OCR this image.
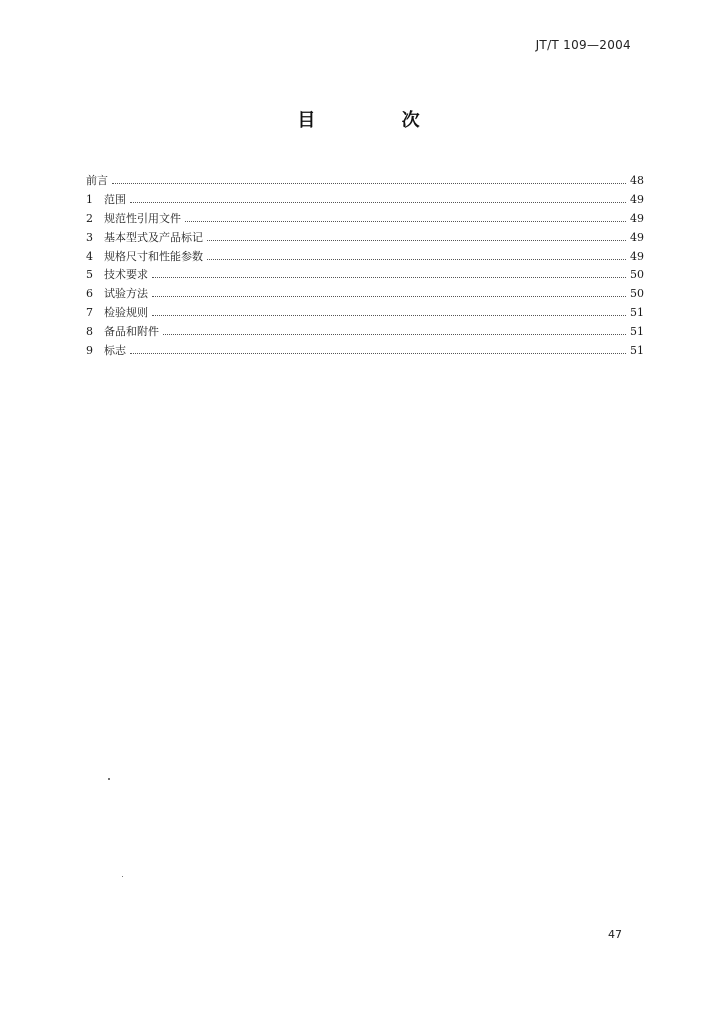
JT/T 109—2004
目 次
前言	48
1	范围	49
2	规范性引用文件	49
3	基本型式及产品标记	49
4	规格尺寸和性能参数	49
5	技术要求	50
6	试验方法	50
7	检验规则	51
8	备品和附件	51
9	标志	51
47
